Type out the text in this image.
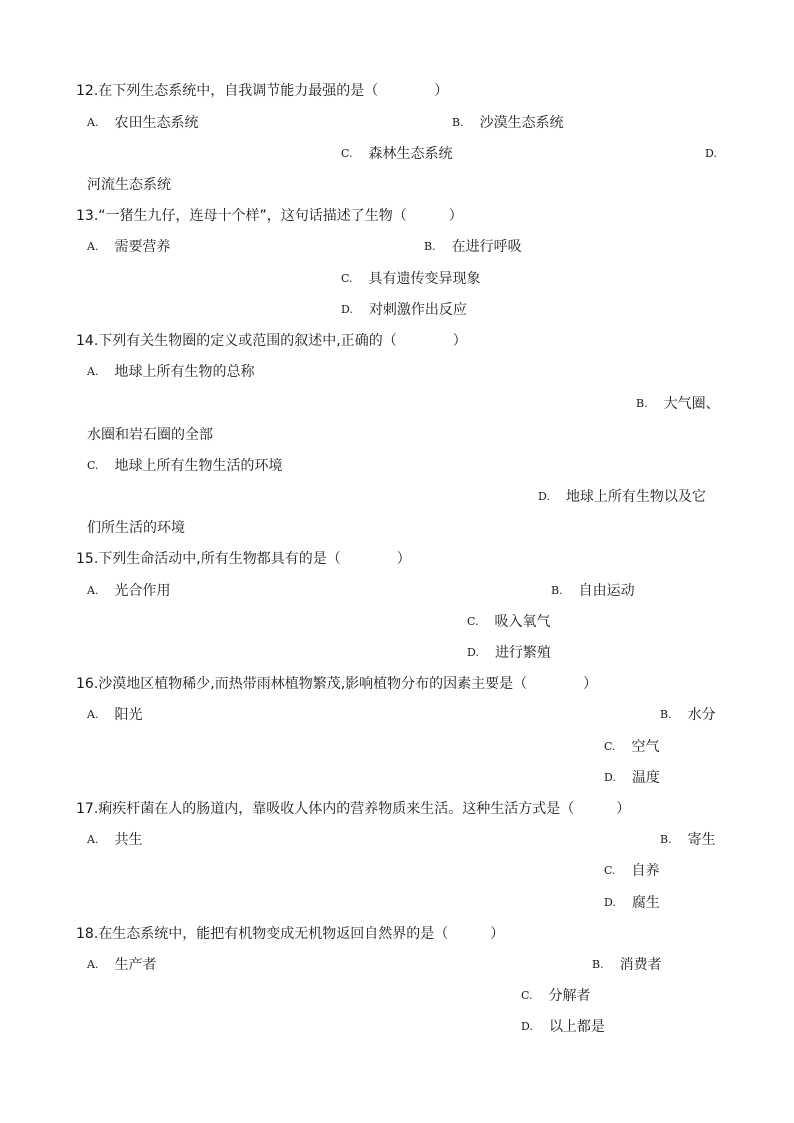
12.在下列生态系统中，自我调节能力最强的是（　　　　）
A. 农田生态系统	B. 沙漠生态系统
C. 森林生态系统	D.
河流生态系统
13.“一猪生九仔，连母十个样”，这句话描述了生物（　　　）
A. 需要营养	B. 在进行呼吸
C. 具有遗传变异现象
D. 对刺激作出反应
14.下列有关生物圈的定义或范围的叙述中,正确的（　　　　）
A. 地球上所有生物的总称
B. 大气圈、
水圈和岩石圈的全部
C. 地球上所有生物生活的环境
D. 地球上所有生物以及它
们所生活的环境
15.下列生命活动中,所有生物都具有的是（　　　　）
A. 光合作用	B. 自由运动
C. 吸入氧气
D. 进行繁殖
16.沙漠地区植物稀少,而热带雨林植物繁茂,影响植物分布的因素主要是（　　　　）
A. 阳光	B. 水分
C. 空气
D. 温度
17.痢疾杆菌在人的肠道内，靠吸收人体内的营养物质来生活。这种生活方式是（　　　）
A. 共生	B. 寄生
C. 自养
D. 腐生
18.在生态系统中，能把有机物变成无机物返回自然界的是（　　　）
A. 生产者	B. 消费者
C. 分解者
D. 以上都是
